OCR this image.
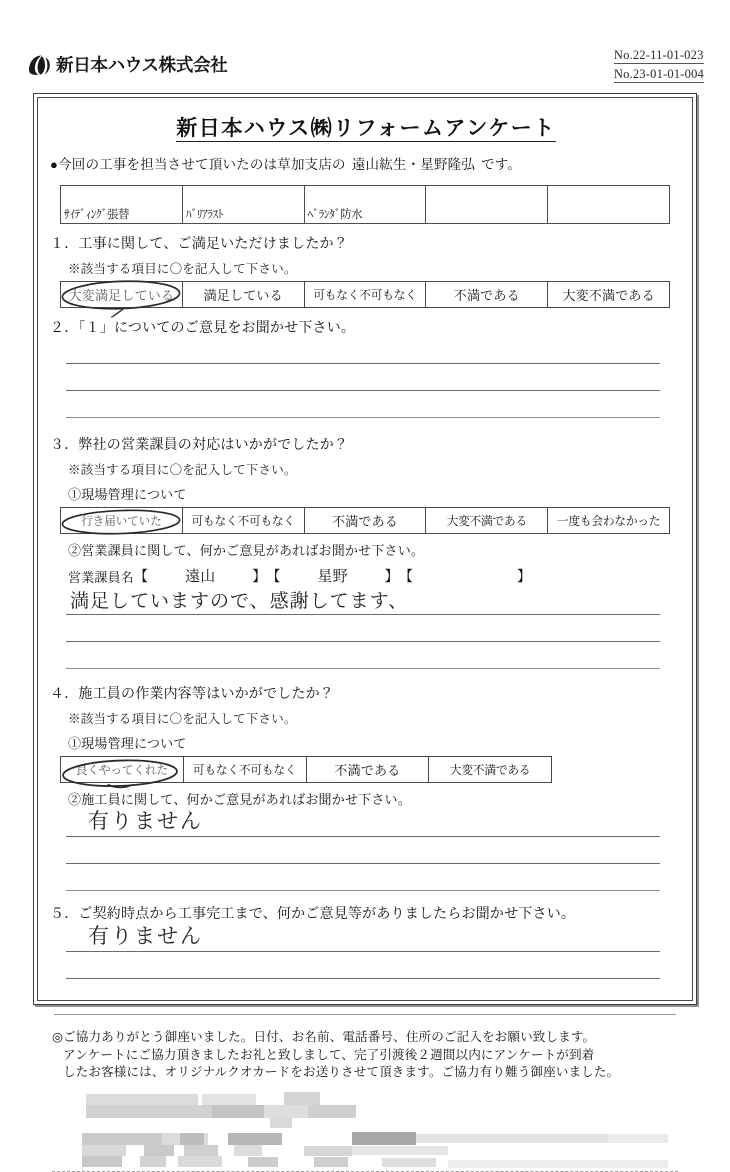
新日本ハウス株式会社
No.22-11-01-023
No.23-01-01-004
新日本ハウス㈱リフォームアンケート
●今回の工事を担当させて頂いたのは草加支店の 遠山紘生・星野隆弘 です。
ｻｲﾃﾞｨﾝｸﾞ張替	ﾊﾞﾘｱﾗｽﾄ	ﾍﾞﾗﾝﾀﾞ防水		
１．工事に関して、ご満足いただけましたか？
※該当する項目に〇を記入して下さい。
大変満足している	満足している	可もなく不可もなく	不満である	大変不満である
２．「１」についてのご意見をお聞かせ下さい。
３．弊社の営業課員の対応はいかがでしたか？
※該当する項目に〇を記入して下さい。
①現場管理について
行き届いていた	可もなく不可もなく	不満である	大変不満である	一度も会わなかった
②営業課員に関して、何かご意見があればお聞かせ下さい。
営業課員名 【	遠山	】 【	星野	】 【	】
満足していますので、感謝してます、
４．施工員の作業内容等はいかがでしたか？
※該当する項目に〇を記入して下さい。
①現場管理について
良くやってくれた	可もなく不可もなく	不満である	大変不満である
②施工員に関して、何かご意見があればお聞かせ下さい。
有りません
５．ご契約時点から工事完工まで、何かご意見等がありましたらお聞かせ下さい。
有りません
◎ご協力ありがとう御座いました。日付、お名前、電話番号、住所のご記入をお願い致します。
アンケートにご協力頂きましたお礼と致しまして、完了引渡後２週間以内にアンケートが到着
したお客様には、オリジナルクオカードをお送りさせて頂きます。ご協力有り難う御座いました。
